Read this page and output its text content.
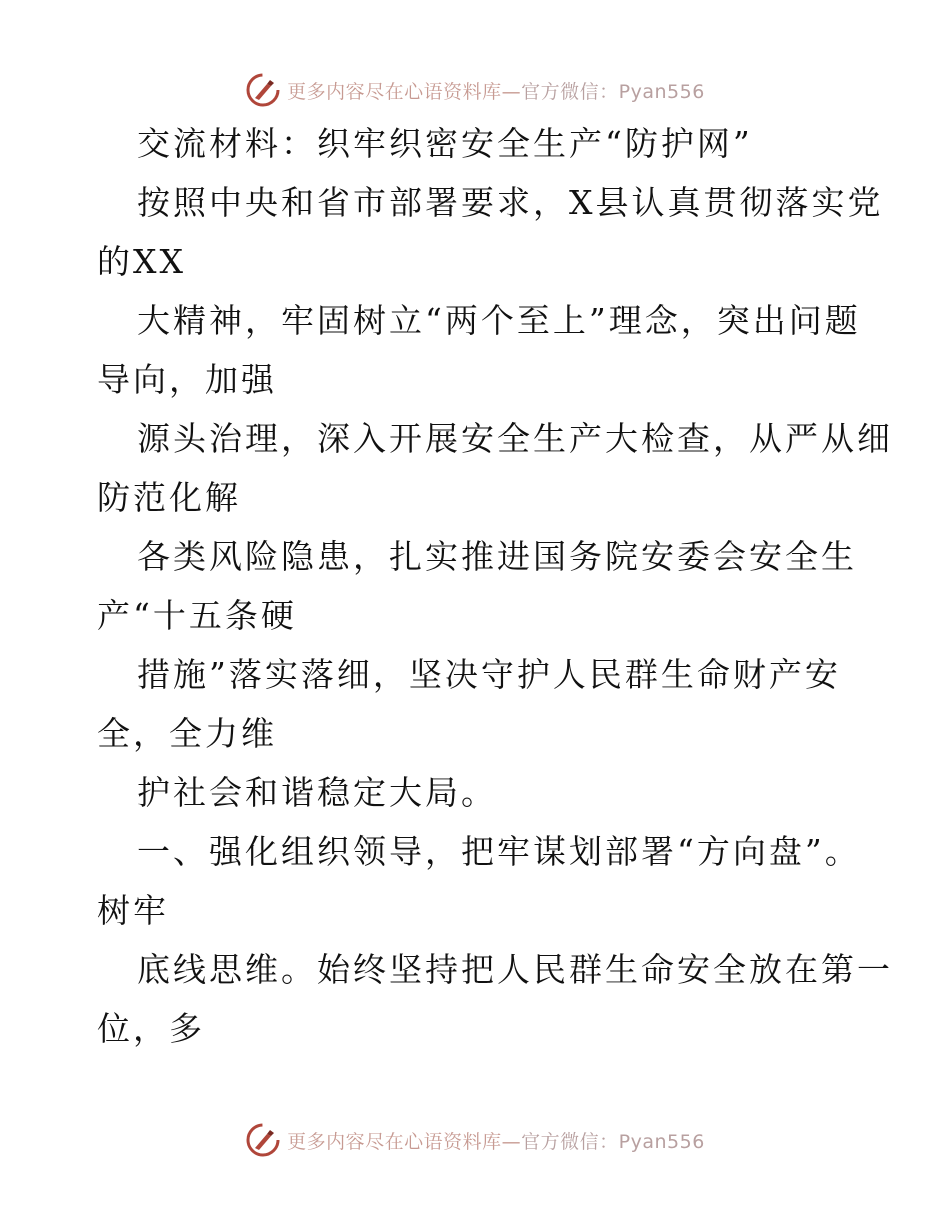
更多内容尽在心语资料库—官方微信：Pyan556
交流材料：织牢织密安全生产“防护网”
按照中央和省市部署要求，X县认真贯彻落实党
的XX
大精神，牢固树立“两个至上”理念，突出问题
导向，加强
源头治理，深入开展安全生产大检查，从严从细
防范化解
各类风险隐患，扎实推进国务院安委会安全生
产“十五条硬
措施”落实落细，坚决守护人民群生命财产安
全，全力维
护社会和谐稳定大局。
一、强化组织领导，把牢谋划部署“方向盘”。
树牢
底线思维。始终坚持把人民群生命安全放在第一
位，多
更多内容尽在心语资料库—官方微信：Pyan556
